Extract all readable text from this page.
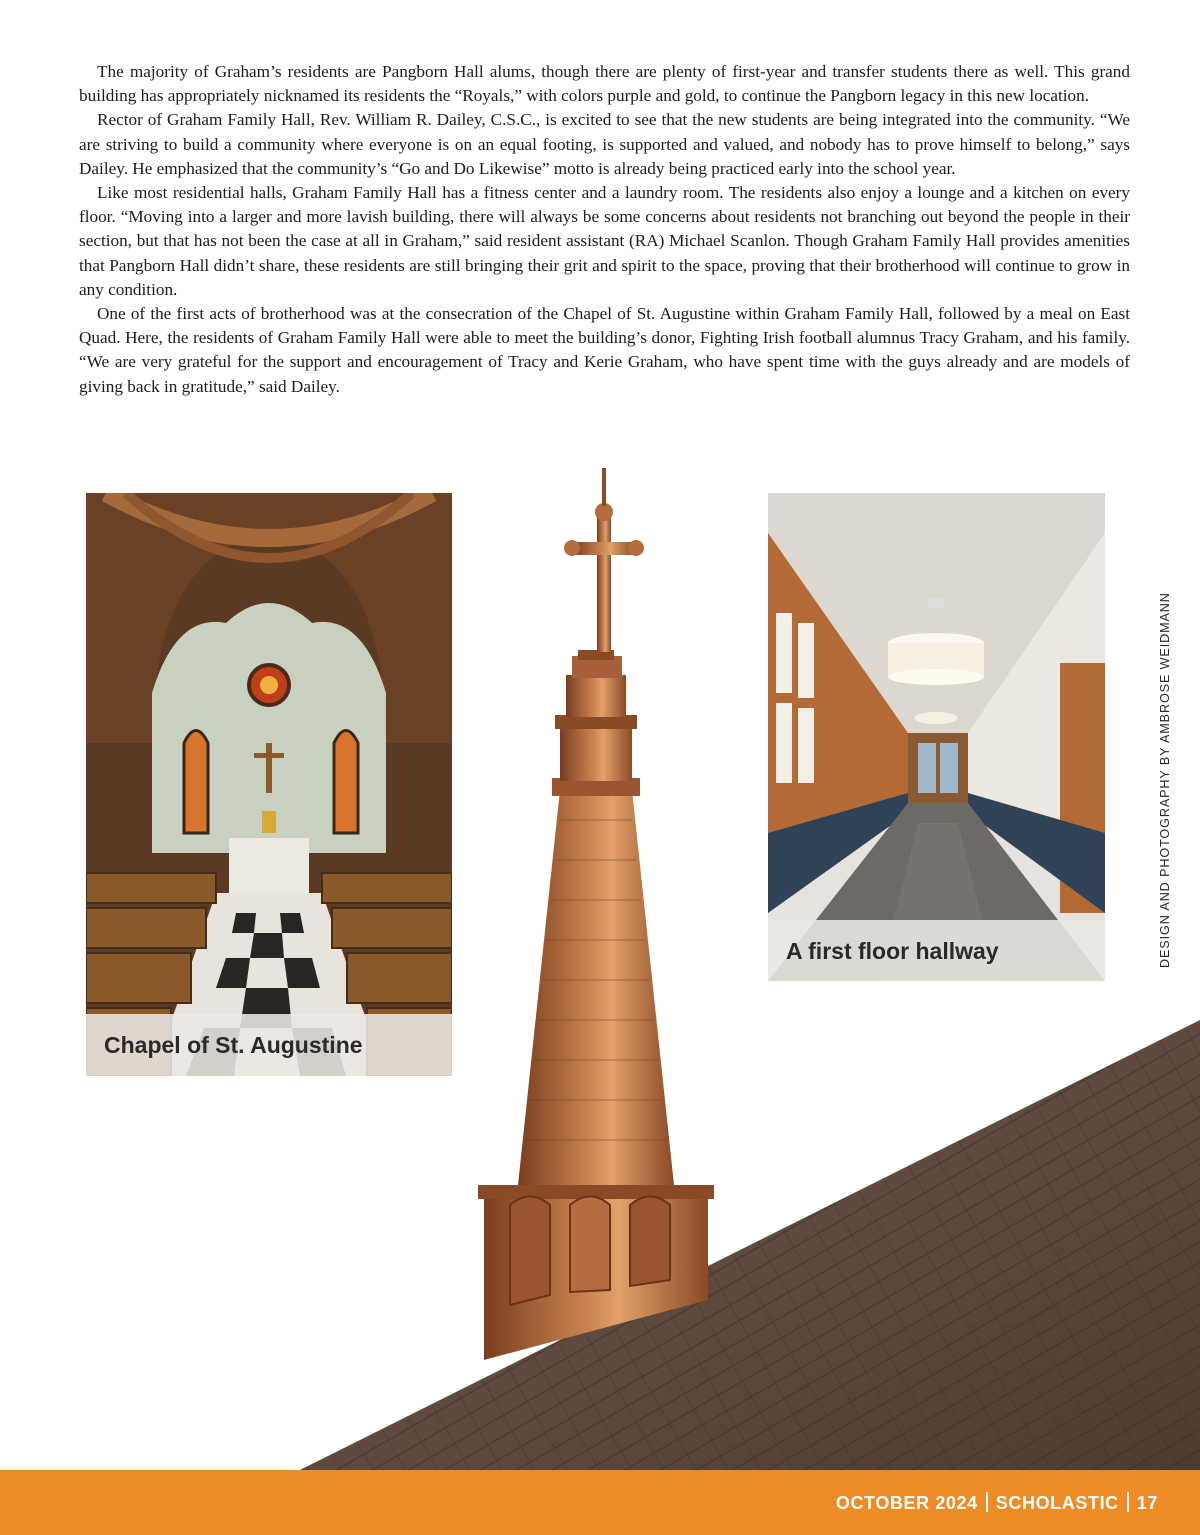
The majority of Graham’s residents are Pangborn Hall alums, though there are plenty of first-year and transfer students there as well. This grand building has appropriately nicknamed its residents the “Royals,” with colors purple and gold, to continue the Pangborn legacy in this new location.

Rector of Graham Family Hall, Rev. William R. Dailey, C.S.C., is excited to see that the new students are being integrated into the community. “We are striving to build a community where everyone is on an equal footing, is supported and valued, and nobody has to prove himself to belong,” says Dailey. He emphasized that the community’s “Go and Do Likewise” motto is already being practiced early into the school year.

Like most residential halls, Graham Family Hall has a fitness center and a laundry room. The residents also enjoy a lounge and a kitchen on every floor. “Moving into a larger and more lavish building, there will always be some concerns about residents not branching out beyond the people in their section, but that has not been the case at all in Graham,” said resident assistant (RA) Michael Scanlon. Though Graham Family Hall provides amenities that Pangborn Hall didn’t share, these residents are still bringing their grit and spirit to the space, proving that their brotherhood will continue to grow in any condition.

One of the first acts of brotherhood was at the consecration of the Chapel of St. Augustine within Graham Family Hall, followed by a meal on East Quad. Here, the residents of Graham Family Hall were able to meet the building’s donor, Fighting Irish football alumnus Tracy Graham, and his family. “We are very grateful for the support and encouragement of Tracy and Kerie Graham, who have spent time with the guys already and are models of giving back in gratitude,” said Dailey.

Chapel of St. Augustine
A first floor hallway	DESIGN AND PHOTOGRAPHY BY AMBROSE WEIDMANN
OCTOBER 2024 SCHOLASTIC 17
